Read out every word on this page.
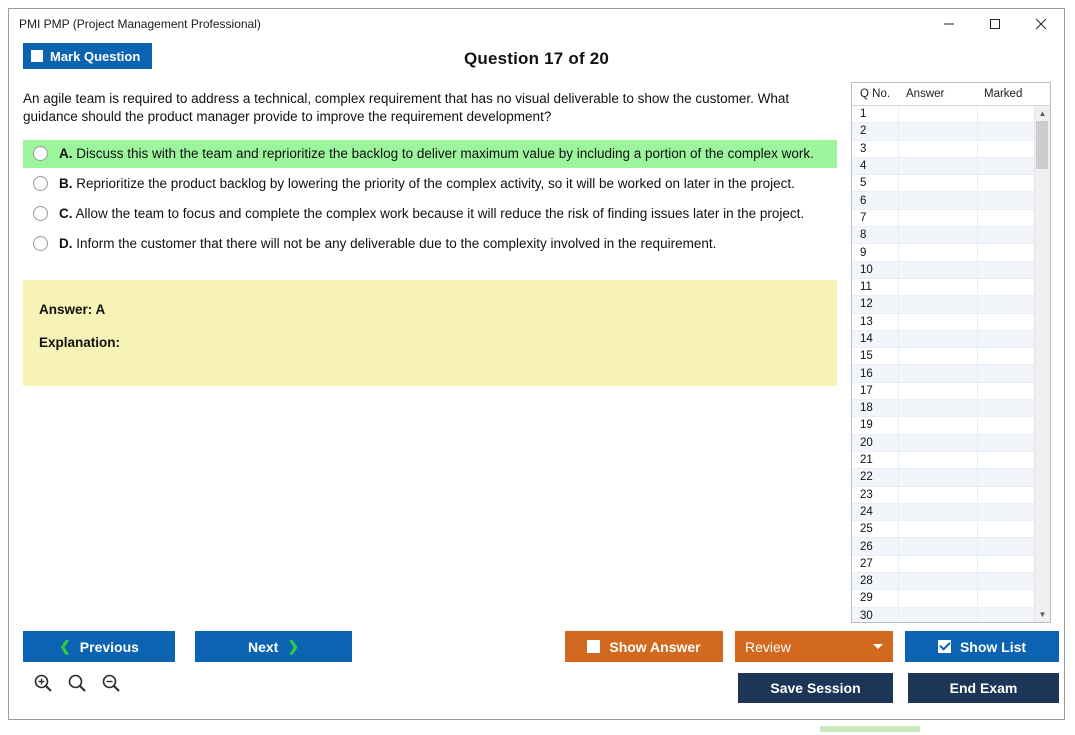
PMI PMP (Project Management Professional)
Mark Question	Question 17 of 20
An agile team is required to address a technical, complex requirement that has no visual deliverable to show the customer. What guidance should the product manager provide to improve the requirement development?
A. Discuss this with the team and reprioritize the backlog to deliver maximum value by including a portion of the complex work.
B. Reprioritize the product backlog by lowering the priority of the complex activity, so it will be worked on later in the project.
C. Allow the team to focus and complete the complex work because it will reduce the risk of finding issues later in the project.
D. Inform the customer that there will not be any deliverable due to the complexity involved in the requirement.
Answer: A
Explanation:
Q No.	Answer	Marked
1
2
3
4
5
6
7
8
9
10
11
12
13
14
15
16
17
18
19
20
21
22
23
24
25
26
27
28
29
30
▲
▼
❮ Previous	Next ❯	Show Answer	Review	Show List
Save Session	End Exam
